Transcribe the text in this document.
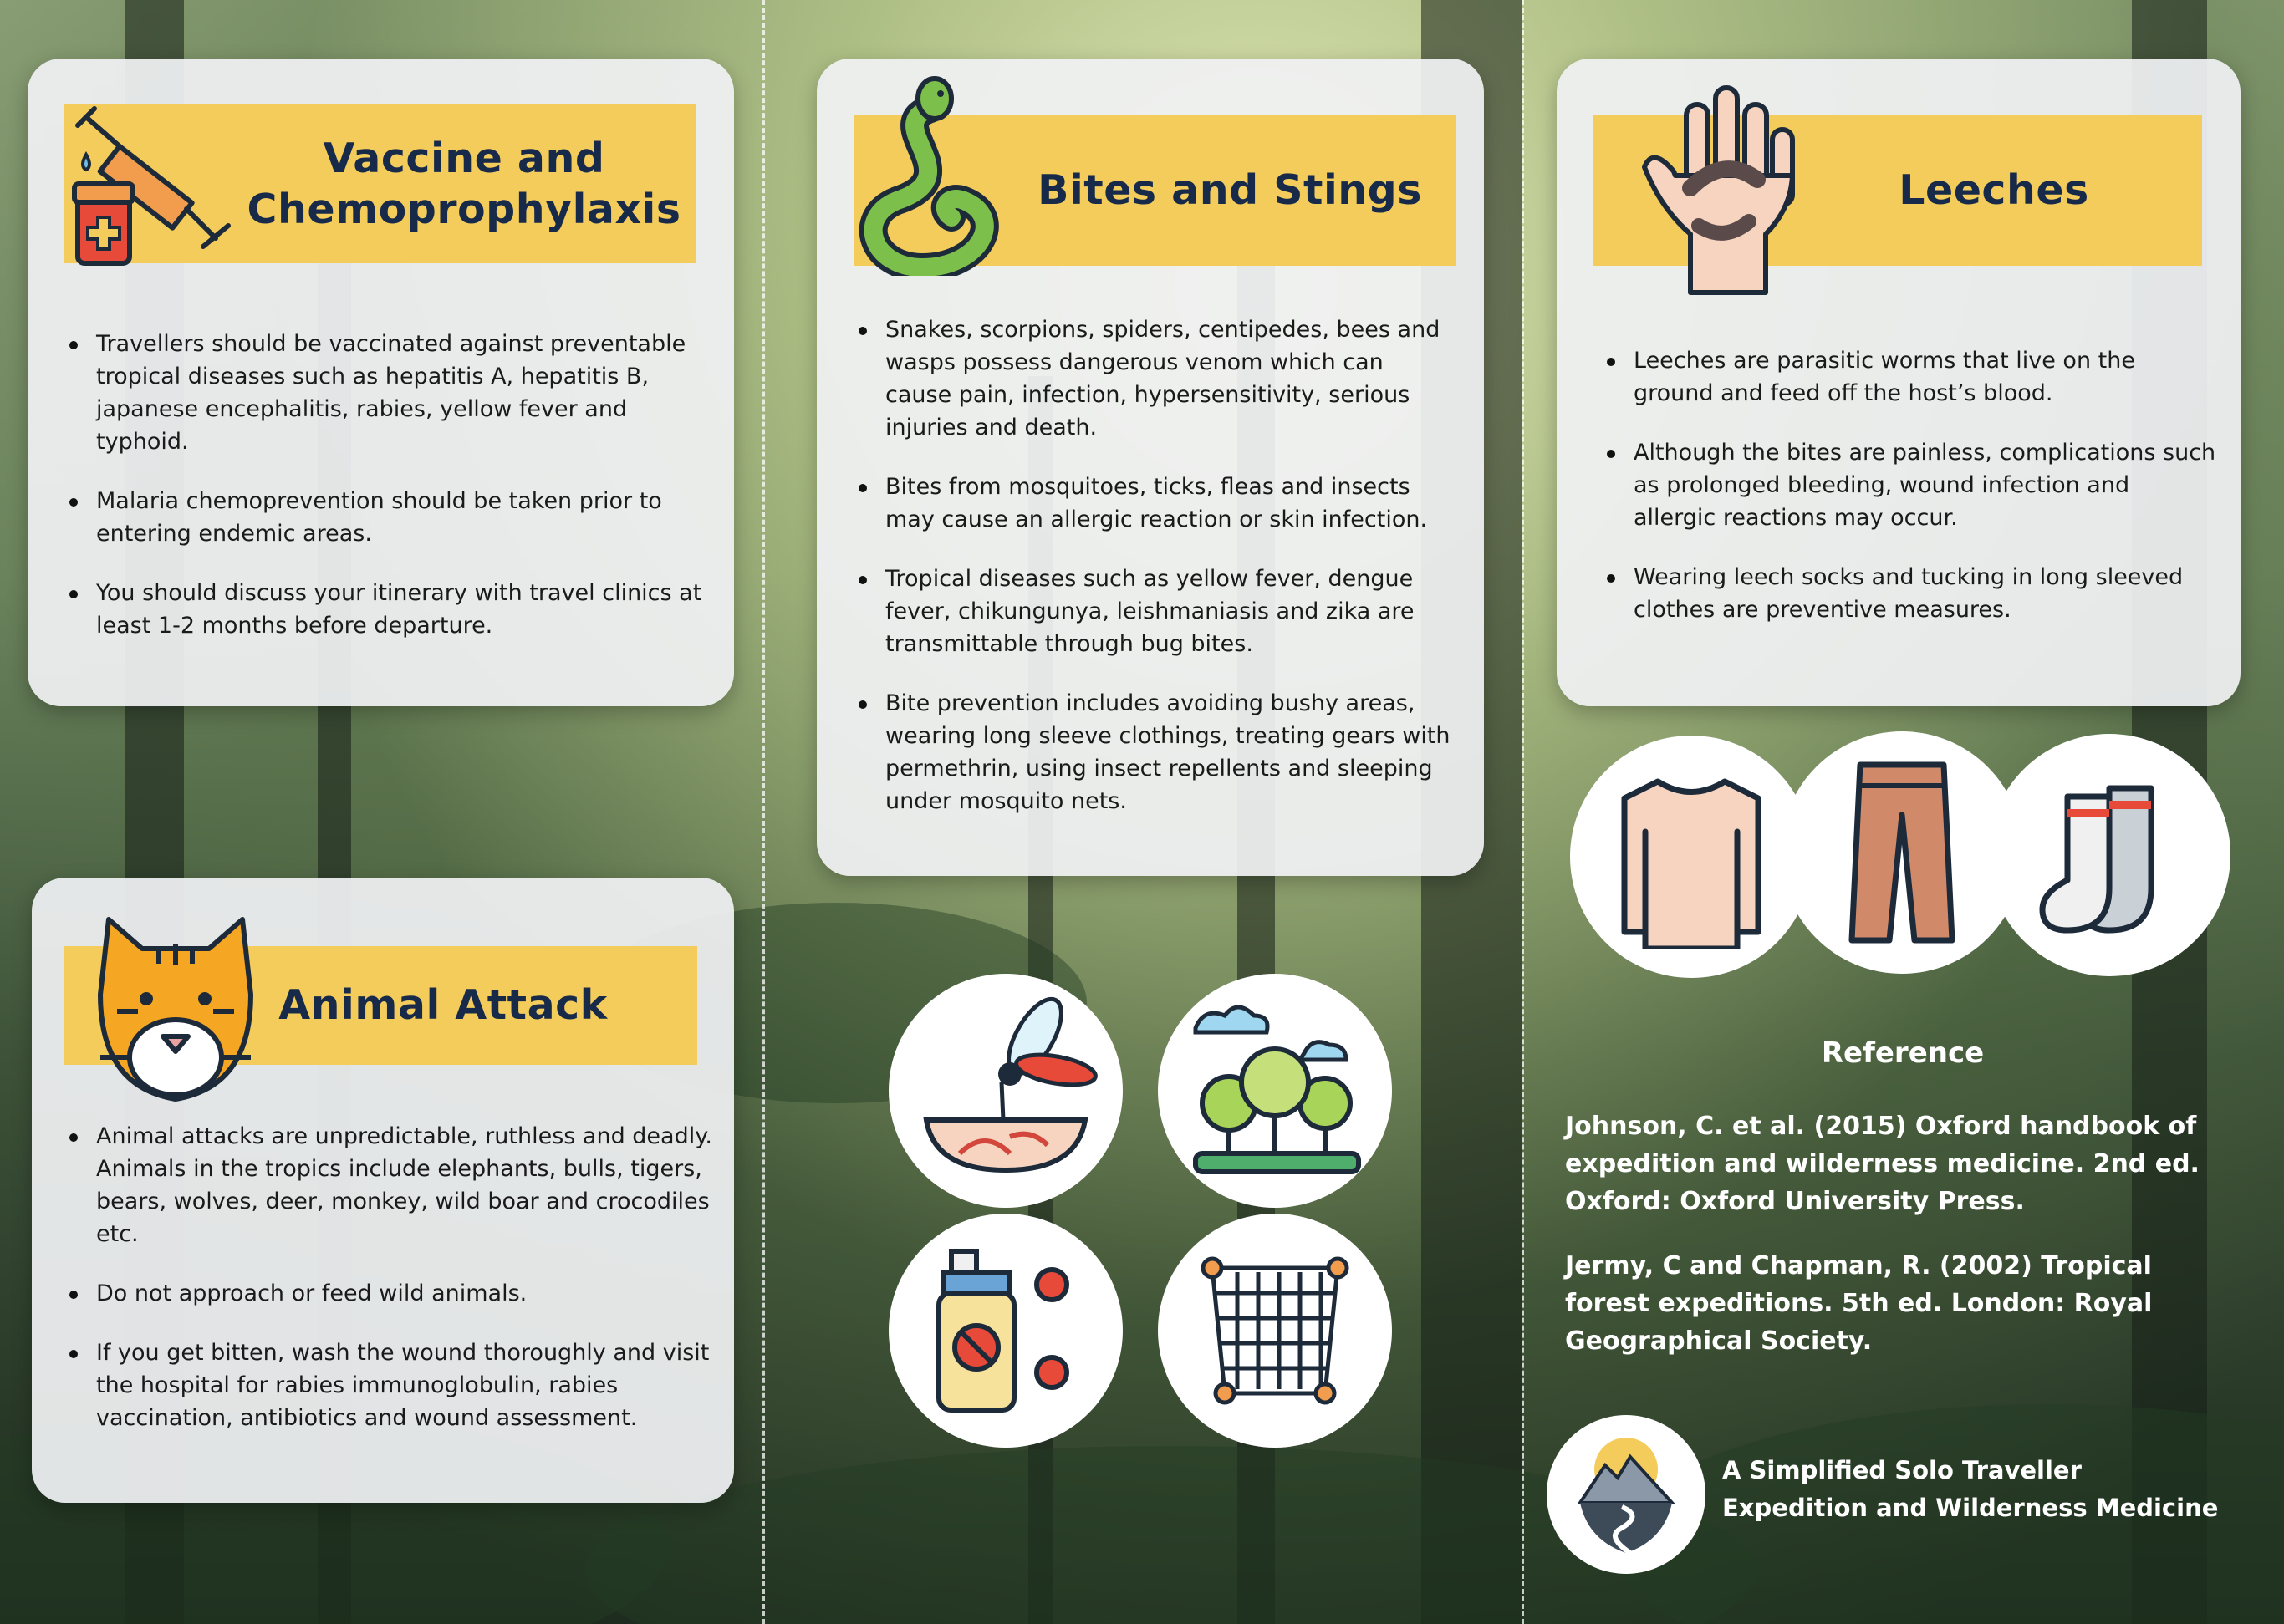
Vaccine and Chemoprophylaxis
Travellers should be vaccinated against preventable tropical diseases such as hepatitis A, hepatitis B, japanese encephalitis, rabies, yellow fever and typhoid.
Malaria chemoprevention should be taken prior to entering endemic areas.
You should discuss your itinerary with travel clinics at least 1-2 months before departure.
Bites and Stings
Snakes, scorpions, spiders, centipedes, bees and wasps possess dangerous venom which can cause pain, infection, hypersensitivity, serious injuries and death.
Bites from mosquitoes, ticks, fleas and insects may cause an allergic reaction or skin infection.
Tropical diseases such as yellow fever, dengue fever, chikungunya, leishmaniasis and zika are transmittable through bug bites.
Bite prevention includes avoiding bushy areas, wearing long sleeve clothings, treating gears with permethrin, using insect repellents and sleeping under mosquito nets.
Leeches
Leeches are parasitic worms that live on the ground and feed off the host’s blood.
Although the bites are painless, complications such as prolonged bleeding, wound infection and allergic reactions may occur.
Wearing leech socks and tucking in long sleeved clothes are preventive measures.
Animal Attack
Animal attacks are unpredictable, ruthless and deadly. Animals in the tropics include elephants, bulls, tigers, bears, wolves, deer, monkey, wild boar and crocodiles etc.
Do not approach or feed wild animals.
If you get bitten, wash the wound thoroughly and visit the hospital for rabies immunoglobulin, rabies vaccination, antibiotics and wound assessment.
Reference
Johnson, C. et al. (2015) Oxford handbook of expedition and wilderness medicine. 2nd ed. Oxford: Oxford University Press.
Jermy, C and Chapman, R. (2002) Tropical forest expeditions. 5th ed. London: Royal Geographical Society.
A Simplified Solo Traveller
Expedition and Wilderness Medicine
